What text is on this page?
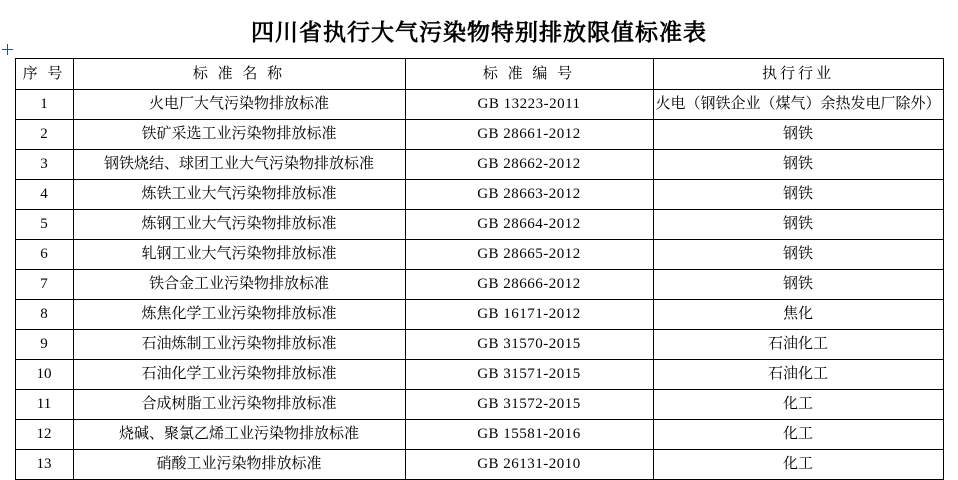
四川省执行大气污染物特别排放限值标准表
序 号	标 准 名 称	标 准 编 号	执行行业
1	火电厂大气污染物排放标准	GB 13223-2011	火电（钢铁企业（煤气）余热发电厂除外）
2	铁矿采选工业污染物排放标准	GB 28661-2012	钢铁
3	钢铁烧结、球团工业大气污染物排放标准	GB 28662-2012	钢铁
4	炼铁工业大气污染物排放标准	GB 28663-2012	钢铁
5	炼钢工业大气污染物排放标准	GB 28664-2012	钢铁
6	轧钢工业大气污染物排放标准	GB 28665-2012	钢铁
7	铁合金工业污染物排放标准	GB 28666-2012	钢铁
8	炼焦化学工业污染物排放标准	GB 16171-2012	焦化
9	石油炼制工业污染物排放标准	GB 31570-2015	石油化工
10	石油化学工业污染物排放标准	GB 31571-2015	石油化工
11	合成树脂工业污染物排放标准	GB 31572-2015	化工
12	烧碱、聚氯乙烯工业污染物排放标准	GB 15581-2016	化工
13	硝酸工业污染物排放标准	GB 26131-2010	化工
